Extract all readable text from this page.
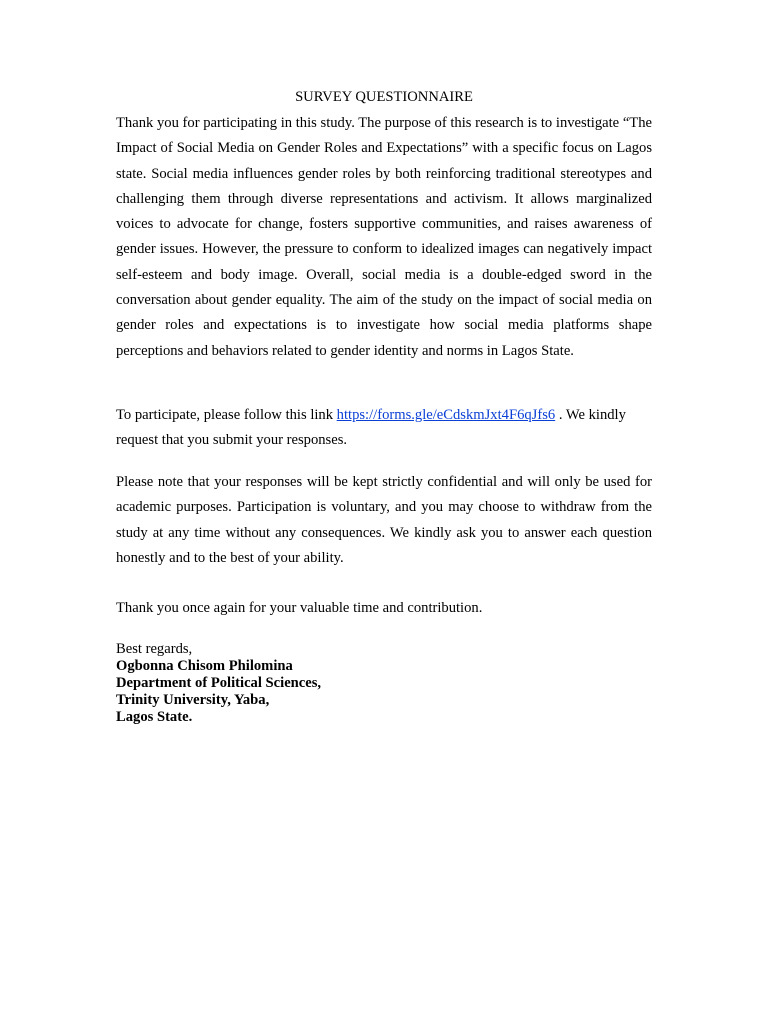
SURVEY QUESTIONNAIRE

Thank you for participating in this study. The purpose of this research is to investigate “The Impact of Social Media on Gender Roles and Expectations” with a specific focus on Lagos state. Social media influences gender roles by both reinforcing traditional stereotypes and challenging them through diverse representations and activism. It allows marginalized voices to advocate for change, fosters supportive communities, and raises awareness of gender issues. However, the pressure to conform to idealized images can negatively impact self-esteem and body image. Overall, social media is a double-edged sword in the conversation about gender equality. The aim of the study on the impact of social media on gender roles and expectations is to investigate how social media platforms shape perceptions and behaviors related to gender identity and norms in Lagos State.

To participate, please follow this link https://forms.gle/eCdskmJxt4F6qJfs6 . We kindly request that you submit your responses.

Please note that your responses will be kept strictly confidential and will only be used for academic purposes. Participation is voluntary, and you may choose to withdraw from the study at any time without any consequences. We kindly ask you to answer each question honestly and to the best of your ability.

Thank you once again for your valuable time and contribution.

Best regards,
Ogbonna Chisom Philomina
Department of Political Sciences,
Trinity University, Yaba,
Lagos State.
